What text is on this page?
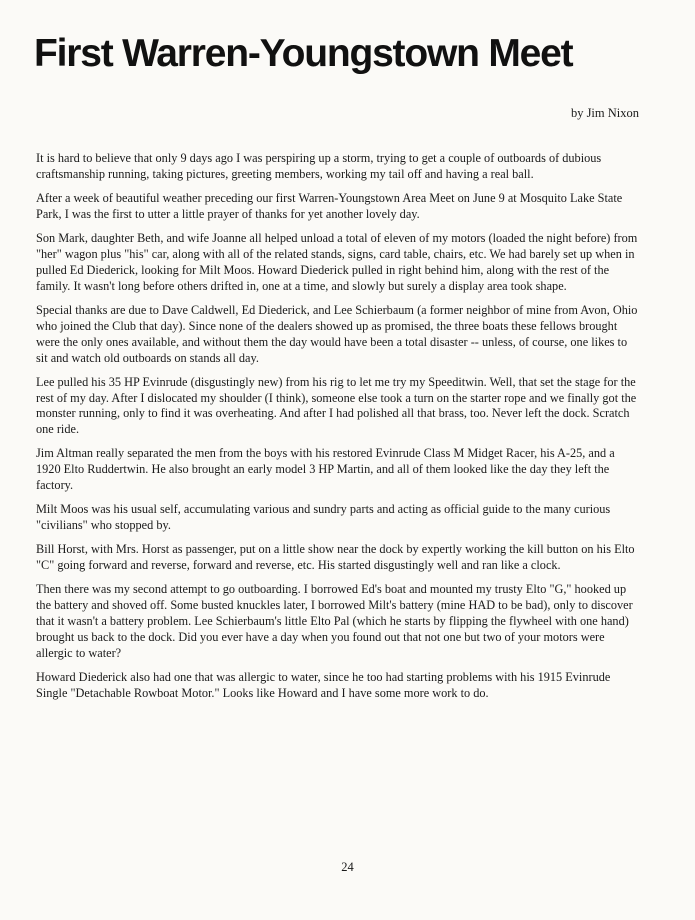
First Warren-Youngstown Meet
by Jim Nixon

It is hard to believe that only 9 days ago I was perspiring up a storm, trying to get a couple of outboards of dubious craftsmanship running, taking pictures, greeting members, working my tail off and having a real ball.

After a week of beautiful weather preceding our first Warren-Youngstown Area Meet on June 9 at Mosquito Lake State Park, I was the first to utter a little prayer of thanks for yet another lovely day.

Son Mark, daughter Beth, and wife Joanne all helped unload a total of eleven of my motors (loaded the night before) from "her" wagon plus "his" car, along with all of the related stands, signs, card table, chairs, etc. We had barely set up when in pulled Ed Diederick, looking for Milt Moos. Howard Diederick pulled in right behind him, along with the rest of the family. It wasn't long before others drifted in, one at a time, and slowly but surely a display area took shape.

Special thanks are due to Dave Caldwell, Ed Diederick, and Lee Schierbaum (a former neighbor of mine from Avon, Ohio who joined the Club that day). Since none of the dealers showed up as promised, the three boats these fellows brought were the only ones available, and without them the day would have been a total disaster -- unless, of course, one likes to sit and watch old outboards on stands all day.

Lee pulled his 35 HP Evinrude (disgustingly new) from his rig to let me try my Speeditwin. Well, that set the stage for the rest of my day. After I dislocated my shoulder (I think), someone else took a turn on the starter rope and we finally got the monster running, only to find it was overheating. And after I had polished all that brass, too. Never left the dock. Scratch one ride.

Jim Altman really separated the men from the boys with his restored Evinrude Class M Midget Racer, his A-25, and a 1920 Elto Ruddertwin. He also brought an early model 3 HP Martin, and all of them looked like the day they left the factory.

Milt Moos was his usual self, accumulating various and sundry parts and acting as official guide to the many curious "civilians" who stopped by.

Bill Horst, with Mrs. Horst as passenger, put on a little show near the dock by expertly working the kill button on his Elto "C" going forward and reverse, forward and reverse, etc. His started disgustingly well and ran like a clock.

Then there was my second attempt to go outboarding. I borrowed Ed's boat and mounted my trusty Elto "G," hooked up the battery and shoved off. Some busted knuckles later, I borrowed Milt's battery (mine HAD to be bad), only to discover that it wasn't a battery problem. Lee Schierbaum's little Elto Pal (which he starts by flipping the flywheel with one hand) brought us back to the dock. Did you ever have a day when you found out that not one but two of your motors were allergic to water?

Howard Diederick also had one that was allergic to water, since he too had starting problems with his 1915 Evinrude Single "Detachable Rowboat Motor." Looks like Howard and I have some more work to do.

24
